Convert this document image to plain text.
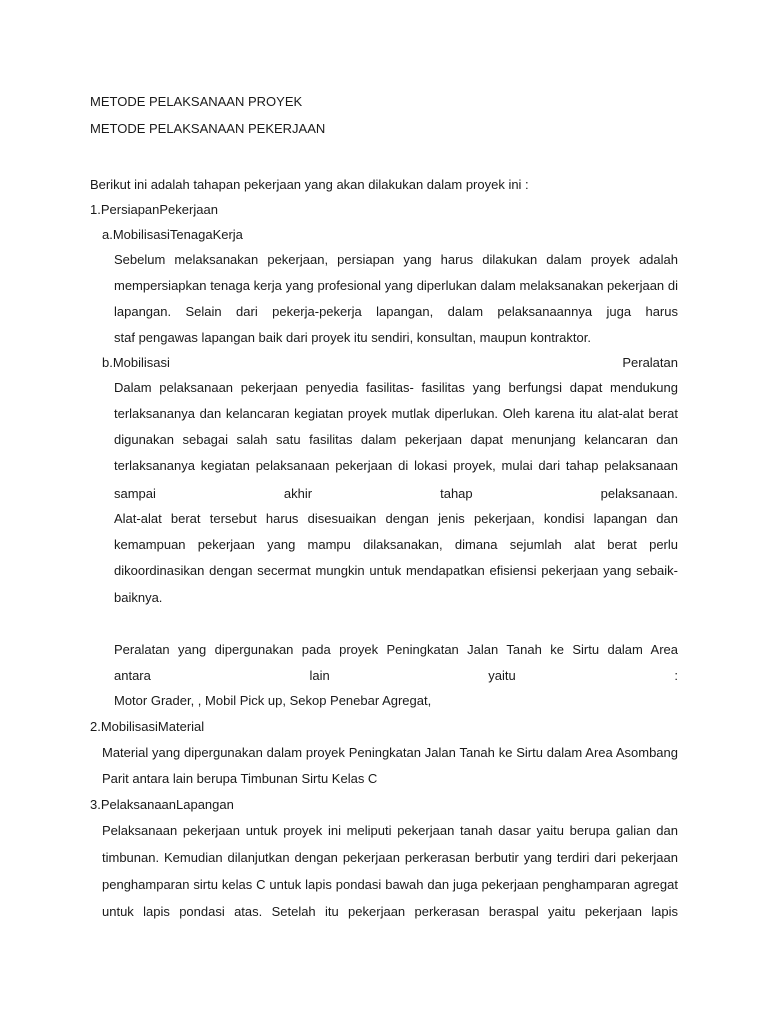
METODE PELAKSANAAN PROYEK
METODE PELAKSANAAN PEKERJAAN
Berikut ini adalah tahapan pekerjaan yang akan dilakukan dalam proyek ini :
1.PersiapanPekerjaan
a.MobilisasiTenagaKerja
Sebelum melaksanakan pekerjaan, persiapan yang harus dilakukan dalam proyek adalah
mempersiapkan tenaga kerja yang profesional yang diperlukan dalam melaksanakan pekerjaan di
lapangan. Selain dari pekerja-pekerja lapangan, dalam pelaksanaannya juga harus
staf pengawas lapangan baik dari proyek itu sendiri, konsultan, maupun kontraktor.
b.Mobilisasi Peralatan
Dalam pelaksanaan pekerjaan penyedia fasilitas- fasilitas yang berfungsi dapat mendukung
terlaksananya dan kelancaran kegiatan proyek mutlak diperlukan. Oleh karena itu alat-alat berat
digunakan sebagai salah satu fasilitas dalam pekerjaan dapat menunjang kelancaran dan
terlaksananya kegiatan pelaksanaan pekerjaan di lokasi proyek, mulai dari tahap pelaksanaan
sampai akhir tahap pelaksanaan.
Alat-alat berat tersebut harus disesuaikan dengan jenis pekerjaan, kondisi lapangan dan
kemampuan pekerjaan yang mampu dilaksanakan, dimana sejumlah alat berat perlu
dikoordinasikan dengan secermat mungkin untuk mendapatkan efisiensi pekerjaan yang sebaik-
baiknya.
Peralatan yang dipergunakan pada proyek Peningkatan Jalan Tanah ke Sirtu dalam Area
antara lain yaitu :
Motor Grader, , Mobil Pick up, Sekop Penebar Agregat,
2.MobilisasiMaterial
Material yang dipergunakan dalam proyek Peningkatan Jalan Tanah ke Sirtu dalam Area Asombang
Parit antara lain berupa Timbunan Sirtu Kelas C
3.PelaksanaanLapangan
Pelaksanaan pekerjaan untuk proyek ini meliputi pekerjaan tanah dasar yaitu berupa galian dan
timbunan. Kemudian dilanjutkan dengan pekerjaan perkerasan berbutir yang terdiri dari pekerjaan
penghamparan sirtu kelas C untuk lapis pondasi bawah dan juga pekerjaan penghamparan agregat
untuk lapis pondasi atas. Setelah itu pekerjaan perkerasan beraspal yaitu pekerjaan lapis
